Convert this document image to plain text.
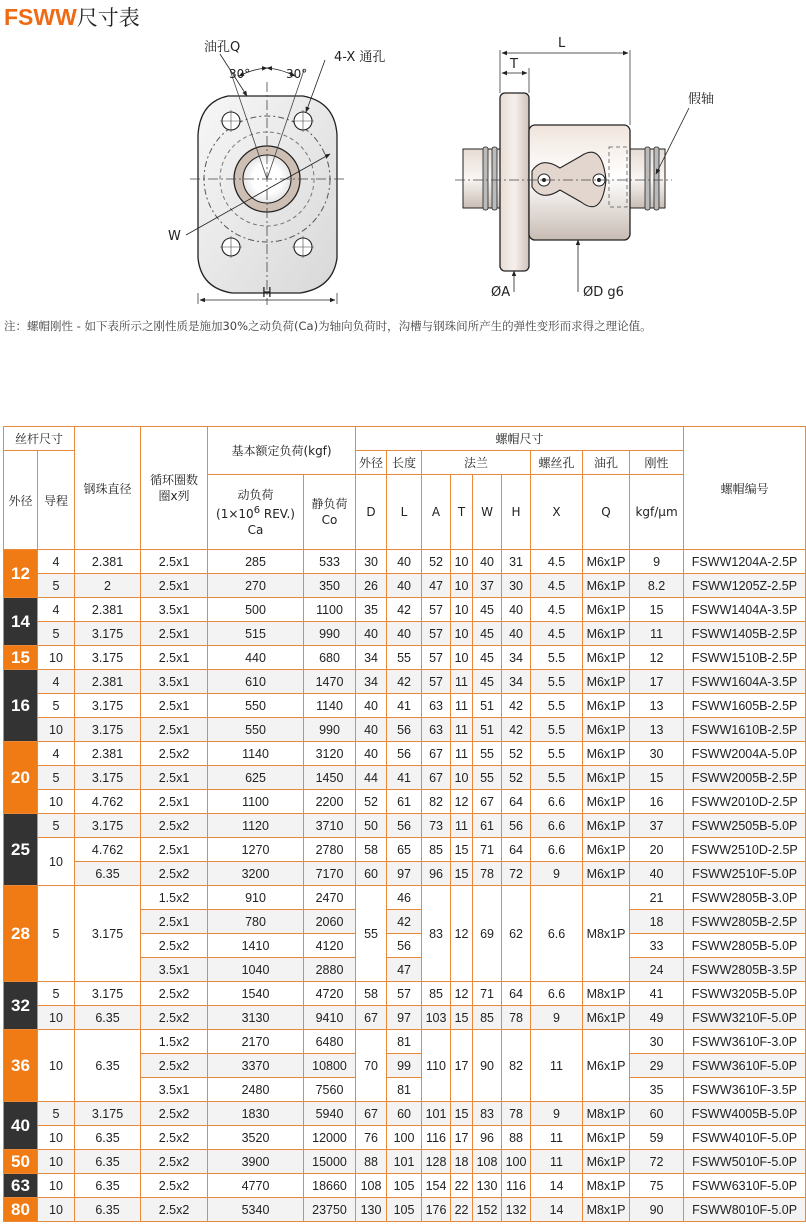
FSWW尺寸表
油孔Q
30°	30°
4-X 通孔
W
H
L
T
假轴
ØA	ØD g6
注：螺帽刚性 - 如下表所示之刚性质是施加30%之动负荷(Ca)为轴向负荷时，沟槽与钢珠间所产生的弹性变形而求得之理论值。
丝杆尺寸		钢珠直径	循环圈数
圈x列	基本额定负荷(kgf)		螺帽尺寸									螺帽编号
外径	导程					外径	长度	法兰				螺丝孔	油孔	刚性	
				动负荷
($1\times 10^6$ REV.)
Ca	静负荷
Co	D	L	A	T	W	H	X	Q	kgf/μm	
12	4	2.381	2.5x1	285	533	30	40	52	10	40	31	4.5	M6x1P	9	FSWW1204A-2.5P
	5	2	2.5x1	270	350	26	40	47	10	37	30	4.5	M6x1P	8.2	FSWW1205Z-2.5P
14	4	2.381	3.5x1	500	1100	35	42	57	10	45	40	4.5	M6x1P	15	FSWW1404A-3.5P
	5	3.175	2.5x1	515	990	40	40	57	10	45	40	4.5	M6x1P	11	FSWW1405B-2.5P
15	10	3.175	2.5x1	440	680	34	55	57	10	45	34	5.5	M6x1P	12	FSWW1510B-2.5P
16	4	2.381	3.5x1	610	1470	34	42	57	11	45	34	5.5	M6x1P	17	FSWW1604A-3.5P
	5	3.175	2.5x1	550	1140	40	41	63	11	51	42	5.5	M6x1P	13	FSWW1605B-2.5P
	10	3.175	2.5x1	550	990	40	56	63	11	51	42	5.5	M6x1P	13	FSWW1610B-2.5P
20	4	2.381	2.5x2	1140	3120	40	56	67	11	55	52	5.5	M6x1P	30	FSWW2004A-5.0P
	5	3.175	2.5x1	625	1450	44	41	67	10	55	52	5.5	M6x1P	15	FSWW2005B-2.5P
	10	4.762	2.5x1	1100	2200	52	61	82	12	67	64	6.6	M6x1P	16	FSWW2010D-2.5P
25	5	3.175	2.5x2	1120	3710	50	56	73	11	61	56	6.6	M6x1P	37	FSWW2505B-5.0P
	10	4.762	2.5x1	1270	2780	58	65	85	15	71	64	6.6	M6x1P	20	FSWW2510D-2.5P
		6.35	2.5x2	3200	7170	60	97	96	15	78	72	9	M6x1P	40	FSWW2510F-5.0P
28	5	3.175	1.5x2	910	2470	55	46	83	12	69	62	6.6	M8x1P	21	FSWW2805B-3.0P
			2.5x1	780	2060		42							18	FSWW2805B-2.5P
			2.5x2	1410	4120		56							33	FSWW2805B-5.0P
			3.5x1	1040	2880		47							24	FSWW2805B-3.5P
32	5	3.175	2.5x2	1540	4720	58	57	85	12	71	64	6.6	M8x1P	41	FSWW3205B-5.0P
	10	6.35	2.5x2	3130	9410	67	97	103	15	85	78	9	M6x1P	49	FSWW3210F-5.0P
36	10	6.35	1.5x2	2170	6480	70	81	110	17	90	82	11	M6x1P	30	FSWW3610F-3.0P
			2.5x2	3370	10800		99							29	FSWW3610F-5.0P
			3.5x1	2480	7560		81							35	FSWW3610F-3.5P
40	5	3.175	2.5x2	1830	5940	67	60	101	15	83	78	9	M8x1P	60	FSWW4005B-5.0P
	10	6.35	2.5x2	3520	12000	76	100	116	17	96	88	11	M6x1P	59	FSWW4010F-5.0P
50	10	6.35	2.5x2	3900	15000	88	101	128	18	108	100	11	M6x1P	72	FSWW5010F-5.0P
63	10	6.35	2.5x2	4770	18660	108	105	154	22	130	116	14	M8x1P	75	FSWW6310F-5.0P
80	10	6.35	2.5x2	5340	23750	130	105	176	22	152	132	14	M8x1P	90	FSWW8010F-5.0P
